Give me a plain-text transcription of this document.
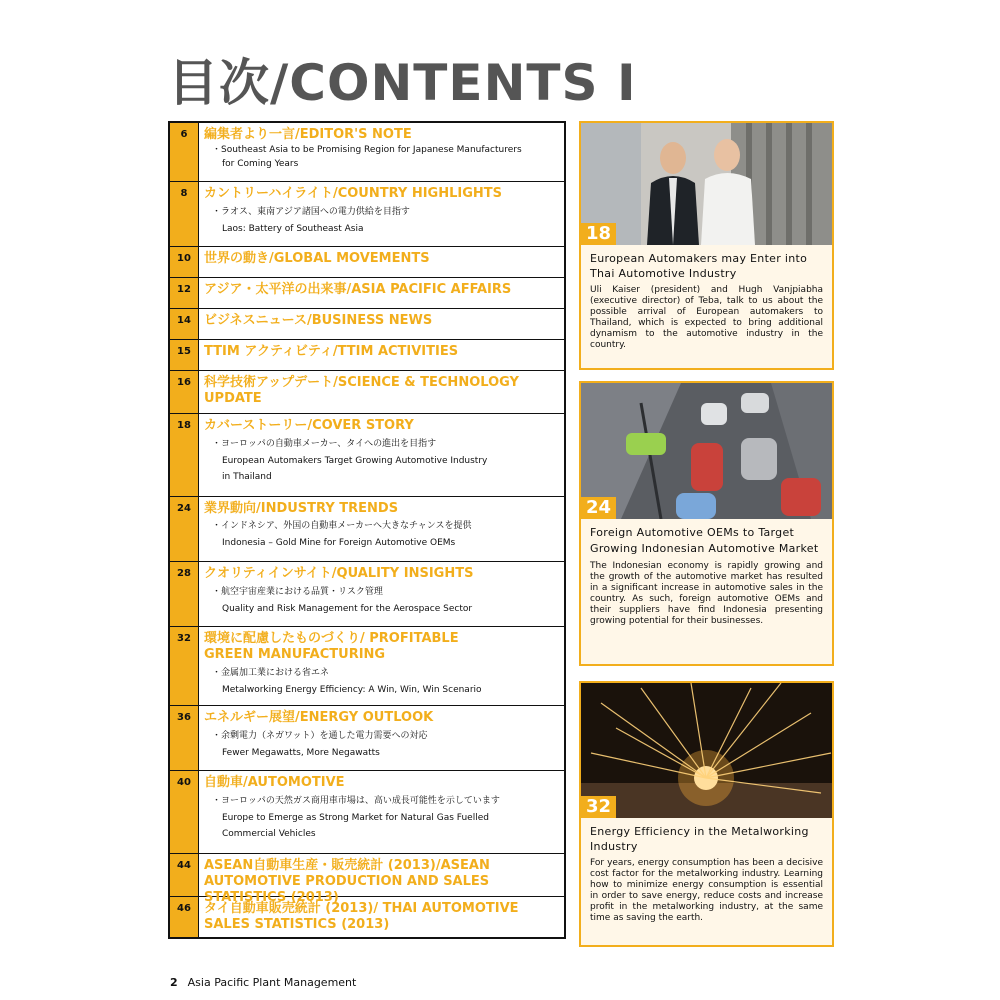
目次/CONTENTS I
6	編集者より一言/EDITOR'S NOTE
・Southeast Asia to be Promising Region for Japanese Manufacturers
for Coming Years
8	カントリーハイライト/COUNTRY HIGHLIGHTS
・ラオス、東南アジア諸国への電力供給を目指す
Laos: Battery of Southeast Asia
10	世界の動き/GLOBAL MOVEMENTS
12	アジア・太平洋の出来事/ASIA PACIFIC AFFAIRS
14	ビジネスニュース/BUSINESS NEWS
15	TTIM アクティビティ/TTIM ACTIVITIES
16	科学技術アップデート/SCIENCE & TECHNOLOGY UPDATE
18	カバーストーリー/COVER STORY
・ヨーロッパの自動車メーカー、タイへの進出を目指す
European Automakers Target Growing Automotive Industry
in Thailand
24	業界動向/INDUSTRY TRENDS
・インドネシア、外国の自動車メーカーへ大きなチャンスを提供
Indonesia – Gold Mine for Foreign Automotive OEMs
28	クオリティインサイト/QUALITY INSIGHTS
・航空宇宙産業における品質・リスク管理
Quality and Risk Management for the Aerospace Sector
32	環境に配慮したものづくり/ PROFITABLE GREEN MANUFACTURING
・金属加工業における省エネ
Metalworking Energy Efficiency: A Win, Win, Win Scenario
36	エネルギー展望/ENERGY OUTLOOK
・余剰電力（ネガワット）を通した電力需要への対応
Fewer Megawatts, More Negawatts
40	自動車/AUTOMOTIVE
・ヨーロッパの天然ガス商用車市場は、高い成長可能性を示しています
Europe to Emerge as Strong Market for Natural Gas Fuelled
Commercial Vehicles
44	ASEAN自動車生産・販売統計 (2013)/ASEAN AUTOMOTIVE PRODUCTION AND SALES STATISTICS (2013)
46	タイ自動車販売統計 (2013)/ THAI AUTOMOTIVE SALES STATISTICS (2013)
18
European Automakers may Enter into Thai Automotive Industry
Uli Kaiser (president) and Hugh Vanjpiabha (executive director) of Teba, talk to us about the possible arrival of European automakers to Thailand, which is expected to bring additional dynamism to the automotive industry in the country.
24
Foreign Automotive OEMs to Target Growing Indonesian Automotive Market
The Indonesian economy is rapidly growing and the growth of the automotive market has resulted in a significant increase in automotive sales in the country. As such, foreign automotive OEMs and their suppliers have find Indonesia presenting growing potential for their businesses.
32
Energy Efficiency in the Metalworking Industry
For years, energy consumption has been a decisive cost factor for the metalworking industry. Learning how to minimize energy consumption is essential in order to save energy, reduce costs and increase profit in the metalworking industry, at the same time as saving the earth.
2 Asia Pacific Plant Management
